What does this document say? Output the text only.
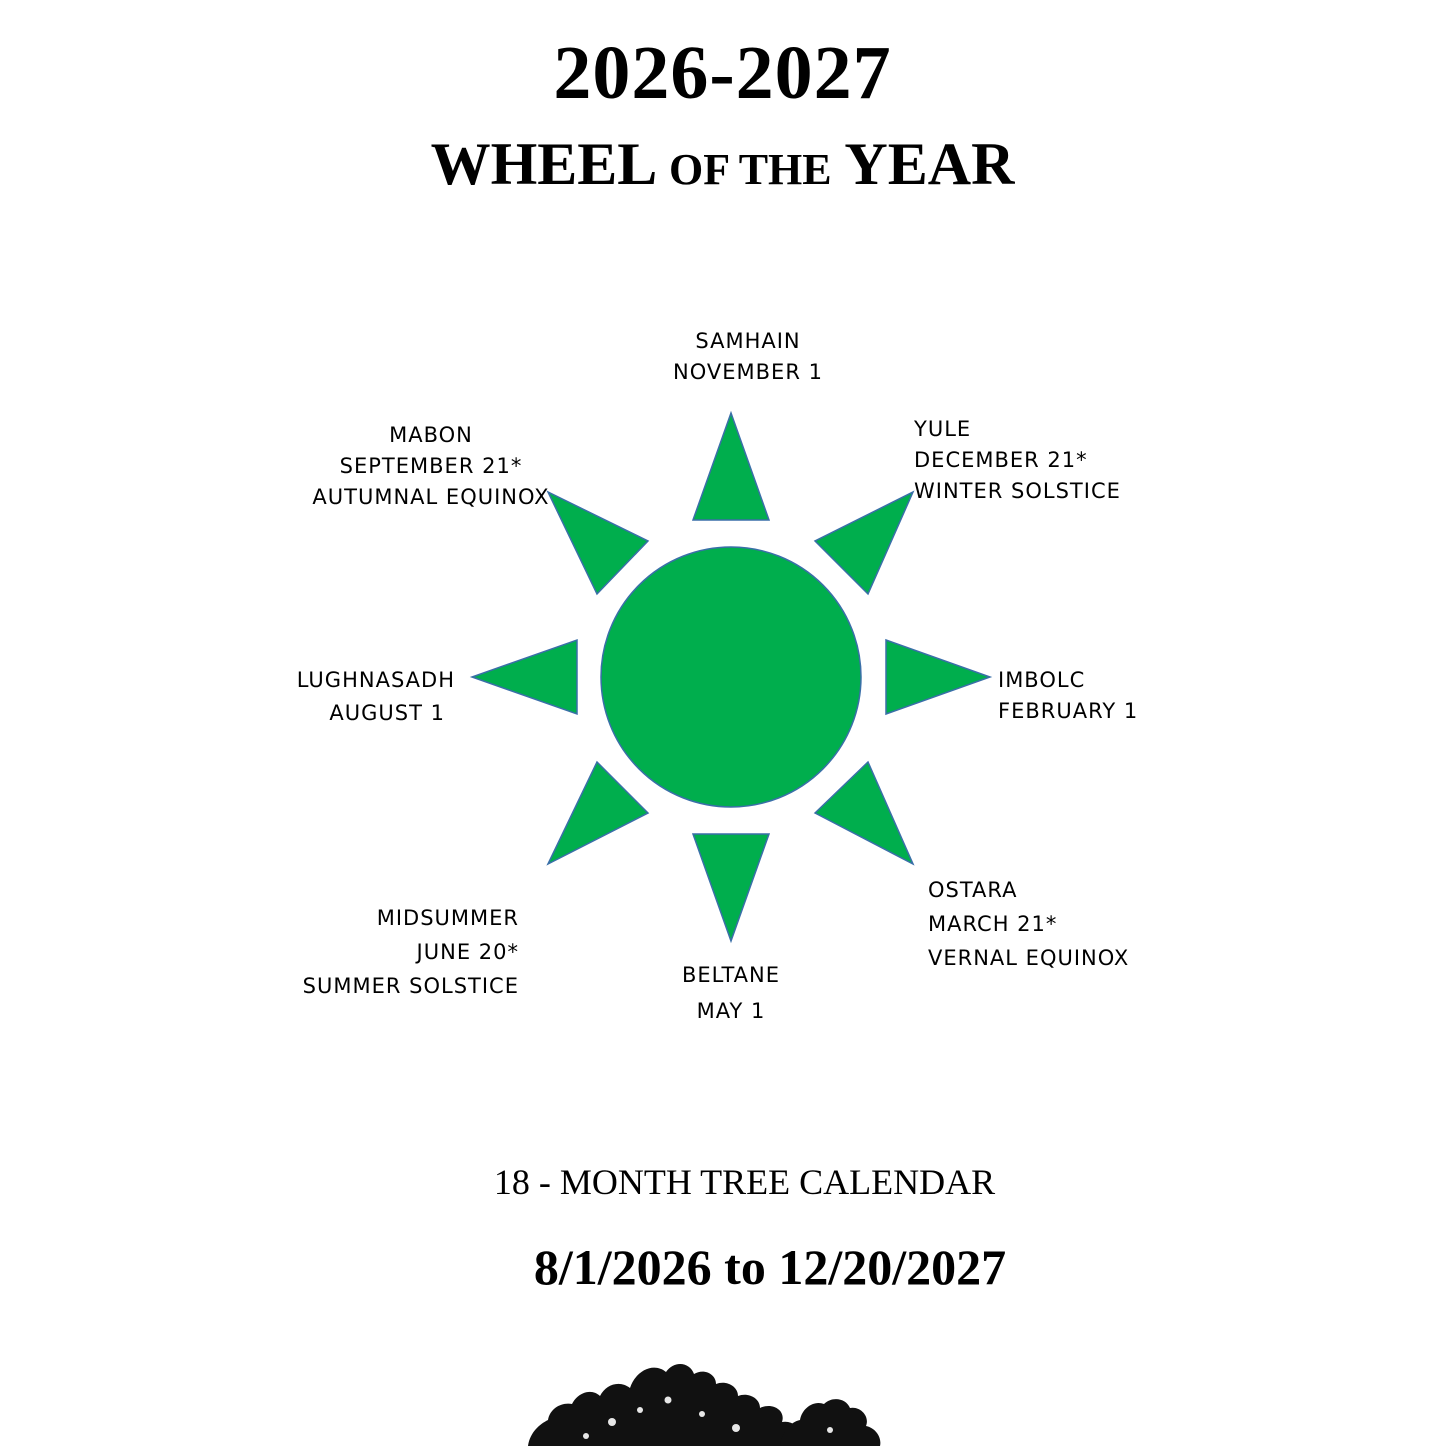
2026-2027
WHEEL OF THE YEAR
SAMHAIN
NOVEMBER 1
YULE
DECEMBER 21*
WINTER SOLSTICE
IMBOLC
FEBRUARY 1
OSTARA
MARCH 21*
VERNAL EQUINOX
BELTANE
MAY 1
MIDSUMMER
JUNE 20*
SUMMER SOLSTICE
LUGHNASADH
AUGUST 1
MABON
SEPTEMBER 21*
AUTUMNAL EQUINOX
18 - MONTH TREE CALENDAR
8/1/2026 to 12/20/2027
